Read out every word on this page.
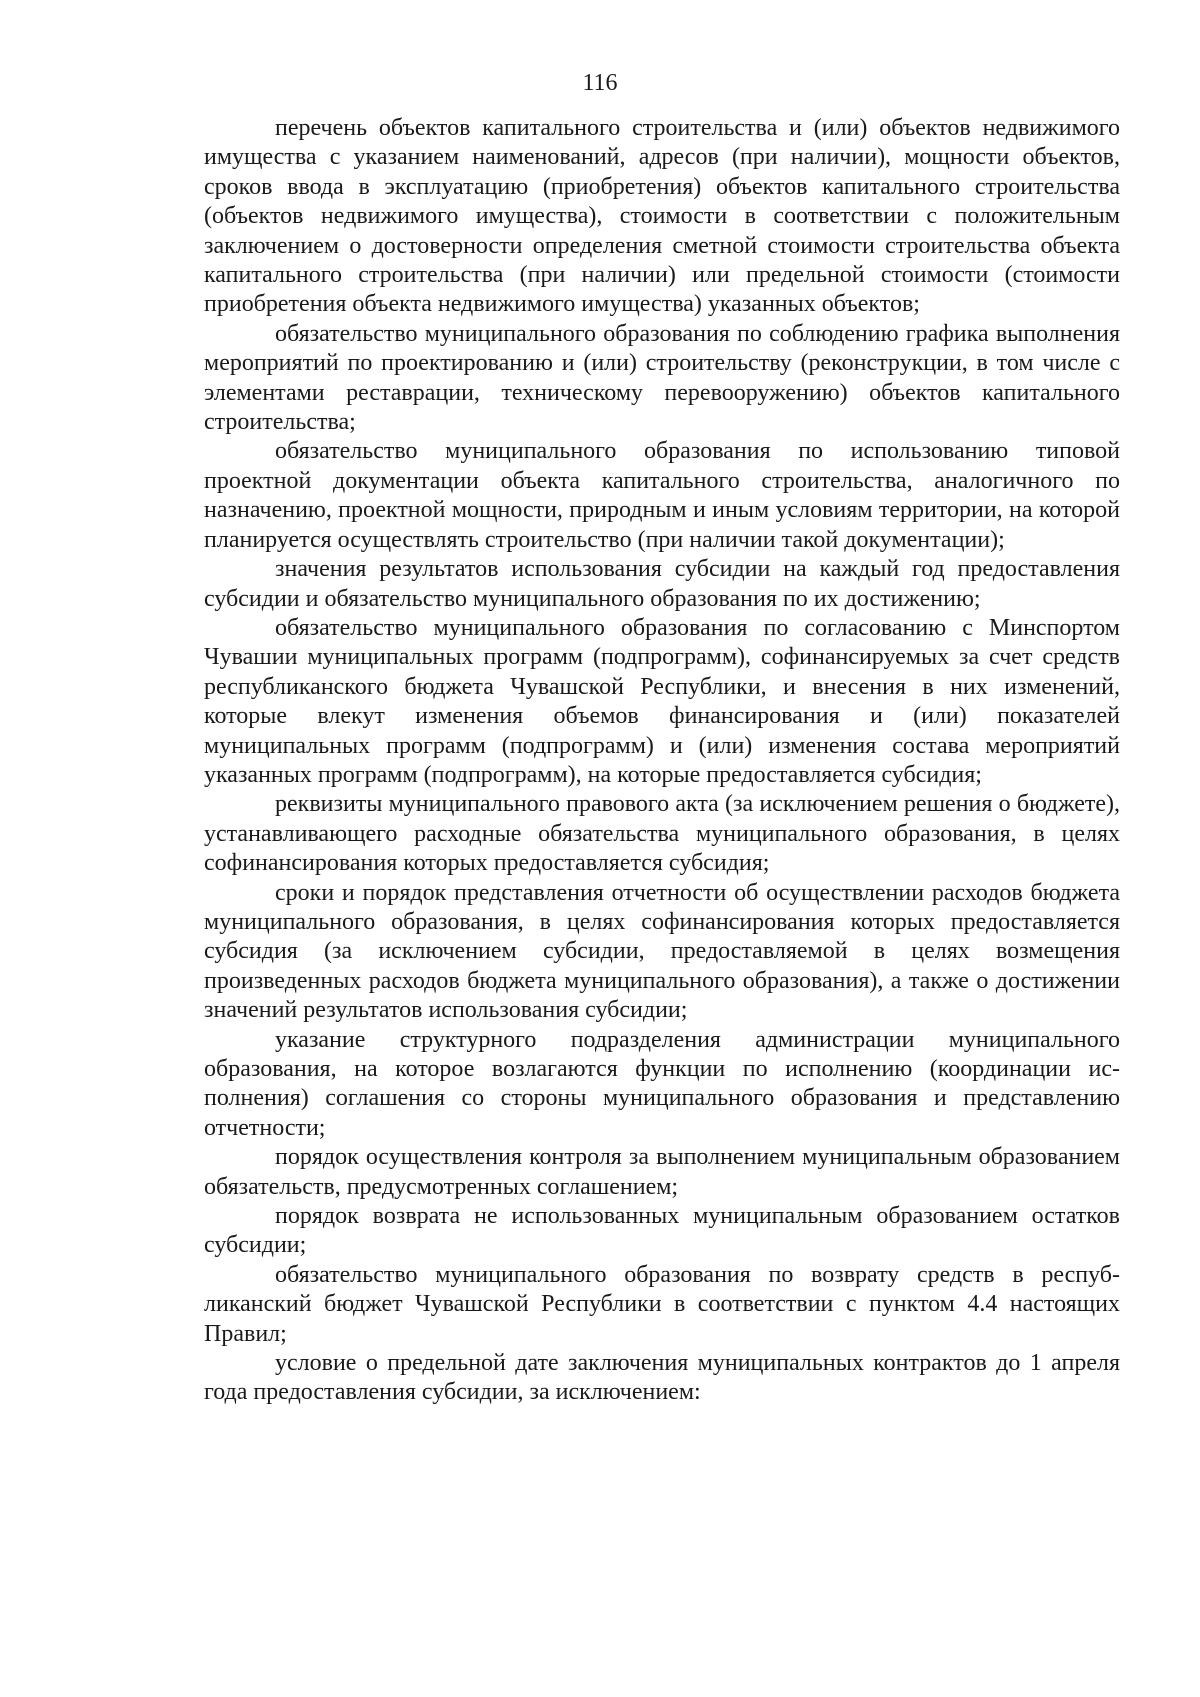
116

перечень объектов капитального строительства и (или) объектов недвижимого имущества с указанием наименований, адресов (при наличии), мощности объектов, сроков ввода в эксплуатацию (приобретения) объектов капитального строительства (объектов недвижимого имущества), стоимости в соответствии с положительным заключением о достоверности определения сметной стоимости строительства объекта капитального строительства (при наличии) или предельной стоимости (стоимости приобретения объекта недвижимого имущества) указанных объектов;

обязательство муниципального образования по соблюдению графика выполнения мероприятий по проектированию и (или) строительству (реконструкции, в том числе с элементами реставрации, техническому перевооружению) объектов капитального строительства;

обязательство муниципального образования по использованию типовой проектной документации объекта капитального строительства, аналогичного по назначению, проектной мощности, природным и иным условиям территории, на которой планируется осуществлять строительство (при наличии такой документации);

значения результатов использования субсидии на каждый год предоставления субсидии и обязательство муниципального образования по их достижению;

обязательство муниципального образования по согласованию с Минспортом Чувашии муниципальных программ (подпрограмм), софинансируемых за счет средств республиканского бюджета Чувашской Республики, и внесения в них изменений, которые влекут изменения объемов финансирования и (или) показателей муниципальных программ (подпрограмм) и (или) изменения состава мероприятий указанных программ (подпрограмм), на которые предоставляется субсидия;

реквизиты муниципального правового акта (за исключением решения о бюджете), устанавливающего расходные обязательства муниципального образования, в целях софинансирования которых предоставляется субсидия;

сроки и порядок представления отчетности об осуществлении расходов бюджета муниципального образования, в целях софинансирования которых предоставляется субсидия (за исключением субсидии, предоставляемой в целях возмещения произведенных расходов бюджета муниципального образования), а также о достижении значений результатов использования субсидии;

указание структурного подразделения администрации муниципального образования, на которое возлагаются функции по исполнению (координации исполнения) соглашения со стороны муниципального образования и представлению отчетности;

порядок осуществления контроля за выполнением муниципальным образованием обязательств, предусмотренных соглашением;

порядок возврата не использованных муниципальным образованием остатков субсидии;

обязательство муниципального образования по возврату средств в республиканский бюджет Чувашской Республики в соответствии с пунктом 4.4 настоящих Правил;

условие о предельной дате заключения муниципальных контрактов до 1 апреля года предоставления субсидии, за исключением:
